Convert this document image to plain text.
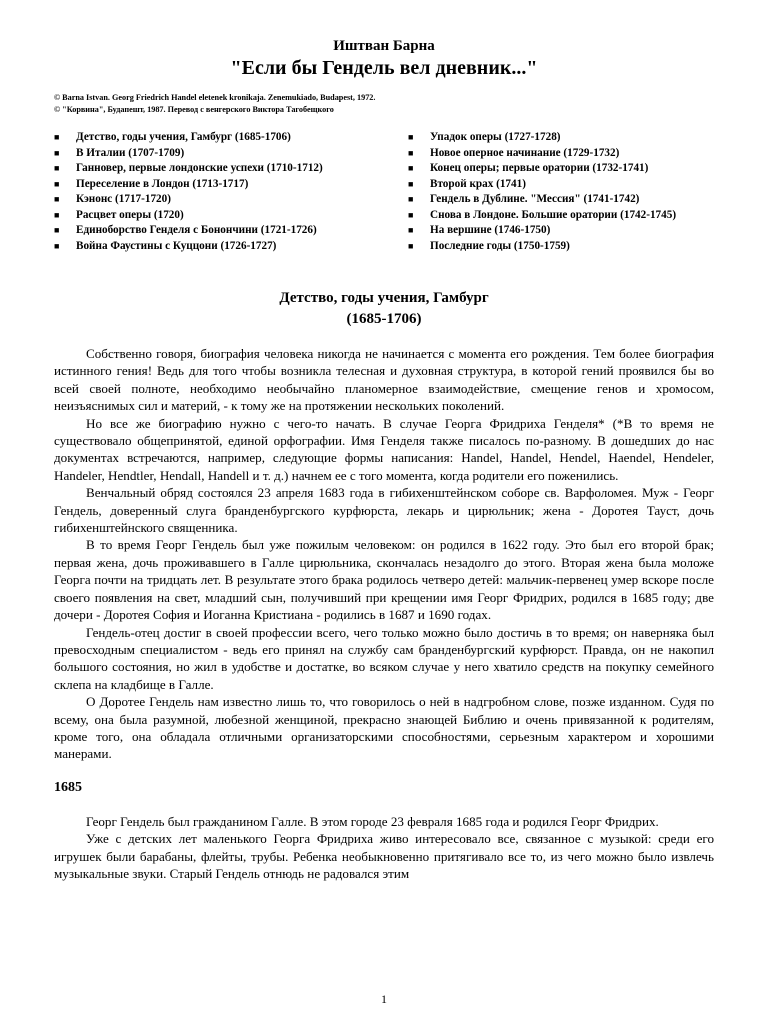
Иштван Барна

"Если бы Гендель вел дневник..."

© Barna Istvan. Georg Friedrich Handel eletenek kronikaja. Zenemukiado, Budapest, 1972.

© "Корвина", Будапешт, 1987. Перевод с венгерского Виктора Тагобещкого

■ Детство, годы учения, Гамбург (1685-1706)
■ В Италии (1707-1709)
■ Ганновер, первые лондонские успехи (1710-1712)
■ Переселение в Лондон (1713-1717)
■ Кэнонс (1717-1720)
■ Расцвет оперы (1720)
■ Единоборство Генделя с Бонончини (1721-1726)
■ Война Фаустины с Куццони (1726-1727)
■ Упадок оперы (1727-1728)
■ Новое оперное начинание (1729-1732)
■ Конец оперы; первые оратории (1732-1741)
■ Второй крах (1741)
■ Гендель в Дублине. "Мессия" (1741-1742)
■ Снова в Лондоне. Большие оратории (1742-1745)
■ На вершине (1746-1750)
■ Последние годы (1750-1759)
Детство, годы учения, Гамбург
(1685-1706)

Собственно говоря, биография человека никогда не начинается с момента его рождения. Тем более биография истинного гения! Ведь для того чтобы возникла телесная и духовная структура, в которой гений проявился бы во всей своей полноте, необходимо необычайно планомерное взаимодействие, смещение генов и хромосом, неизъяснимых сил и материй, - к тому же на протяжении нескольких поколений.

Но все же биографию нужно с чего-то начать. В случае Георга Фридриха Генделя* (*В то время не существовало общепринятой, единой орфографии. Имя Генделя также писалось по-разному. В дошедших до нас документах встречаются, например, следующие формы написания: Handel, Handel, Hendel, Haendel, Hendeler, Handeler, Hendtler, Hendall, Handell и т. д.) начнем ее с того момента, когда родители его поженились.

Венчальный обряд состоялся 23 апреля 1683 года в гибихенштейнском соборе св. Варфоломея. Муж - Георг Гендель, доверенный слуга бранденбургского курфюрста, лекарь и цирюльник; жена - Доротея Тауст, дочь гибихенштейнского священника.

В то время Георг Гендель был уже пожилым человеком: он родился в 1622 году. Это был его второй брак; первая жена, дочь проживавшего в Галле цирюльника, скончалась незадолго до этого. Вторая жена была моложе Георга почти на тридцать лет. В результате этого брака родилось четверо детей: мальчик-первенец умер вскоре после своего появления на свет, младший сын, получивший при крещении имя Георг Фридрих, родился в 1685 году; две дочери - Доротея София и Иоганна Кристиана - родились в 1687 и 1690 годах.

Гендель-отец достиг в своей профессии всего, чего только можно было достичь в то время; он наверняка был превосходным специалистом - ведь его принял на службу сам бранденбургский курфюрст. Правда, он не накопил большого состояния, но жил в удобстве и достатке, во всяком случае у него хватило средств на покупку семейного склепа на кладбище в Галле.

О Доротее Гендель нам известно лишь то, что говорилось о ней в надгробном слове, позже изданном. Судя по всему, она была разумной, любезной женщиной, прекрасно знающей Библию и очень привязанной к родителям, кроме того, она обладала отличными организаторскими способностями, серьезным характером и хорошими манерами.

1685

Георг Гендель был гражданином Галле. В этом городе 23 февраля 1685 года и родился Георг Фридрих.

Уже с детских лет маленького Георга Фридриха живо интересовало все, связанное с музыкой: среди его игрушек были барабаны, флейты, трубы. Ребенка необыкновенно притягивало все то, из чего можно было извлечь музыкальные звуки. Старый Гендель отнюдь не радовался этим

1
